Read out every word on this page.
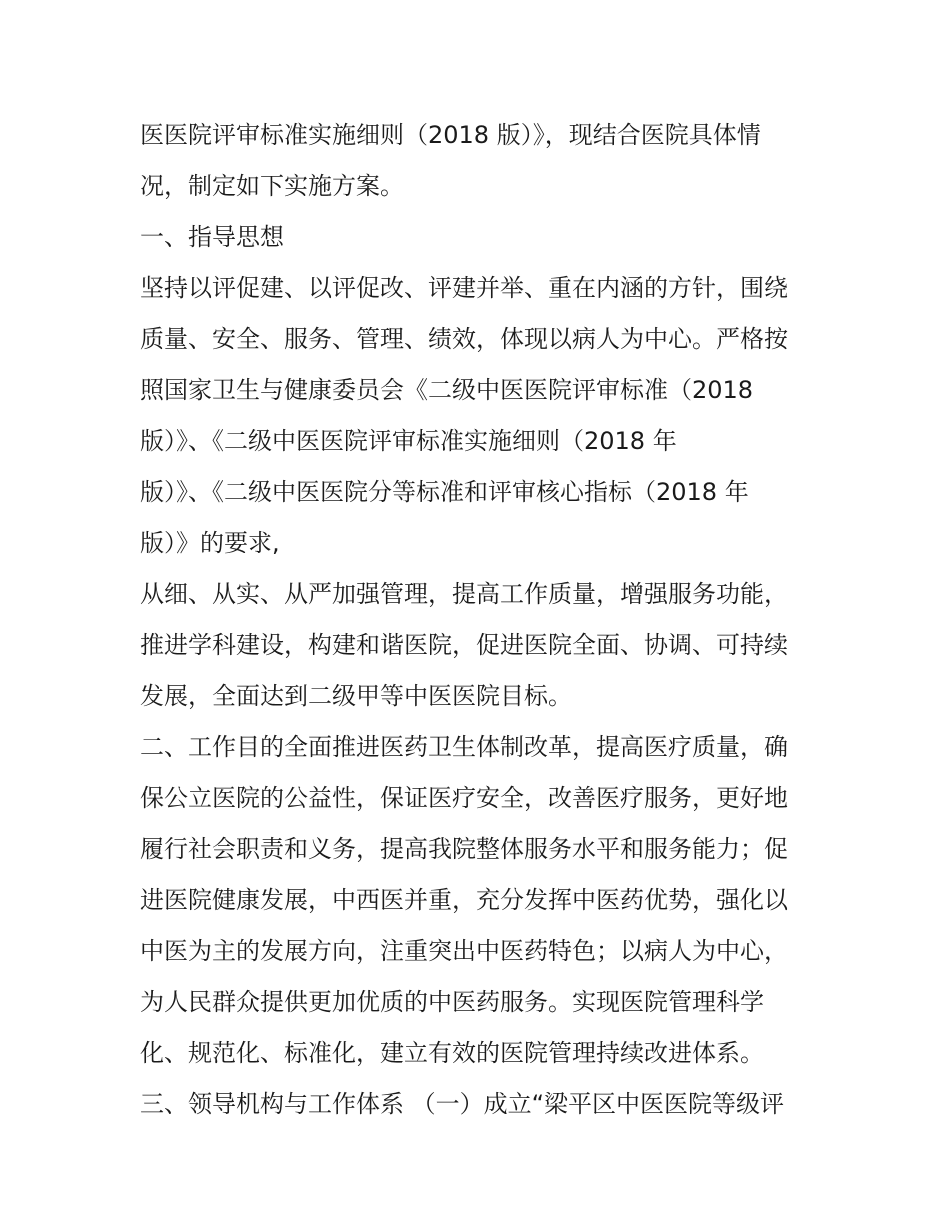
医医院评审标准实施细则（2018 版）》，现结合医院具体情
况，制定如下实施方案。
一、指导思想
坚持以评促建、以评促改、评建并举、重在内涵的方针，围绕
质量、安全、服务、管理、绩效，体现以病人为中心。严格按
照国家卫生与健康委员会《二级中医医院评审标准（2018
版）》、《二级中医医院评审标准实施细则（2018 年
版）》、《二级中医医院分等标准和评审核心指标（2018 年
版）》的要求,
从细、从实、从严加强管理，提高工作质量，增强服务功能，
推进学科建设，构建和谐医院，促进医院全面、协调、可持续
发展，全面达到二级甲等中医医院目标。
二、工作目的全面推进医药卫生体制改革，提高医疗质量，确
保公立医院的公益性，保证医疗安全，改善医疗服务，更好地
履行社会职责和义务，提高我院整体服务水平和服务能力；促
进医院健康发展，中西医并重，充分发挥中医药优势，强化以
中医为主的发展方向，注重突出中医药特色；以病人为中心，
为人民群众提供更加优质的中医药服务。实现医院管理科学
化、规范化、标准化，建立有效的医院管理持续改进体系。
三、领导机构与工作体系 （一）成立“梁平区中医医院等级评
